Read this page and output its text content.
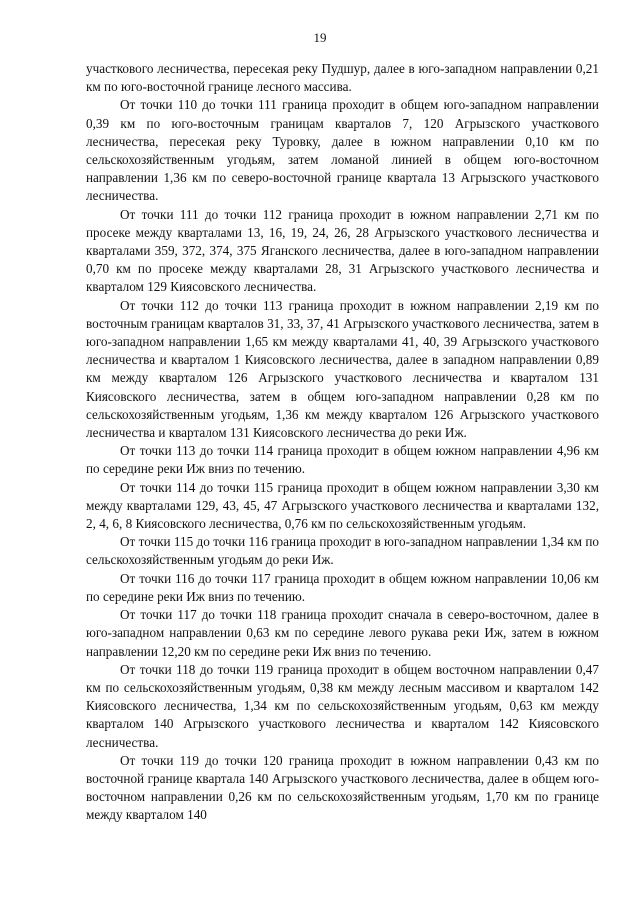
19

участкового лесничества, пересекая реку Пудшур, далее в юго-западном направлении 0,21 км по юго-восточной границе лесного массива.

От точки 110 до точки 111 граница проходит в общем юго-западном направлении 0,39 км по юго-восточным границам кварталов 7, 120 Агрызского участкового лесничества, пересекая реку Туровку, далее в южном направлении 0,10 км по сельскохозяйственным угодьям, затем ломаной линией в общем юго-восточном направлении 1,36 км по северо-восточной границе квартала 13 Агрызского участкового лесничества.

От точки 111 до точки 112 граница проходит в южном направлении 2,71 км по просеке между кварталами 13, 16, 19, 24, 26, 28 Агрызского участкового лесничества и кварталами 359, 372, 374, 375 Яганского лесничества, далее в юго-западном направлении 0,70 км по просеке между кварталами 28, 31 Агрызского участкового лесничества и кварталом 129 Киясовского лесничества.

От точки 112 до точки 113 граница проходит в южном направлении 2,19 км по восточным границам кварталов 31, 33, 37, 41 Агрызского участкового лесничества, затем в юго-западном направлении 1,65 км между кварталами 41, 40, 39 Агрызского участкового лесничества и кварталом 1 Киясовского лесничества, далее в западном направлении 0,89 км между кварталом 126 Агрызского участкового лесничества и кварталом 131 Киясовского лесничества, затем в общем юго-западном направлении 0,28 км по сельскохозяйственным угодьям, 1,36 км между кварталом 126 Агрызского участкового лесничества и кварталом 131 Киясовского лесничества до реки Иж.

От точки 113 до точки 114 граница проходит в общем южном направлении 4,96 км по середине реки Иж вниз по течению.

От точки 114 до точки 115 граница проходит в общем южном направлении 3,30 км между кварталами 129, 43, 45, 47 Агрызского участкового лесничества и кварталами 132, 2, 4, 6, 8 Киясовского лесничества, 0,76 км по сельскохозяйственным угодьям.

От точки 115 до точки 116 граница проходит в юго-западном направлении 1,34 км по сельскохозяйственным угодьям до реки Иж.

От точки 116 до точки 117 граница проходит в общем южном направлении 10,06 км по середине реки Иж вниз по течению.

От точки 117 до точки 118 граница проходит сначала в северо-восточном, далее в юго-западном направлении 0,63 км по середине левого рукава реки Иж, затем в южном направлении 12,20 км по середине реки Иж вниз по течению.

От точки 118 до точки 119 граница проходит в общем восточном направлении 0,47 км по сельскохозяйственным угодьям, 0,38 км между лесным массивом и кварталом 142 Киясовского лесничества, 1,34 км по сельскохозяйственным угодьям, 0,63 км между кварталом 140 Агрызского участкового лесничества и кварталом 142 Киясовского лесничества.

От точки 119 до точки 120 граница проходит в южном направлении 0,43 км по восточной границе квартала 140 Агрызского участкового лесничества, далее в общем юго-восточном направлении 0,26 км по сельскохозяйственным угодьям, 1,70 км по границе между кварталом 140
